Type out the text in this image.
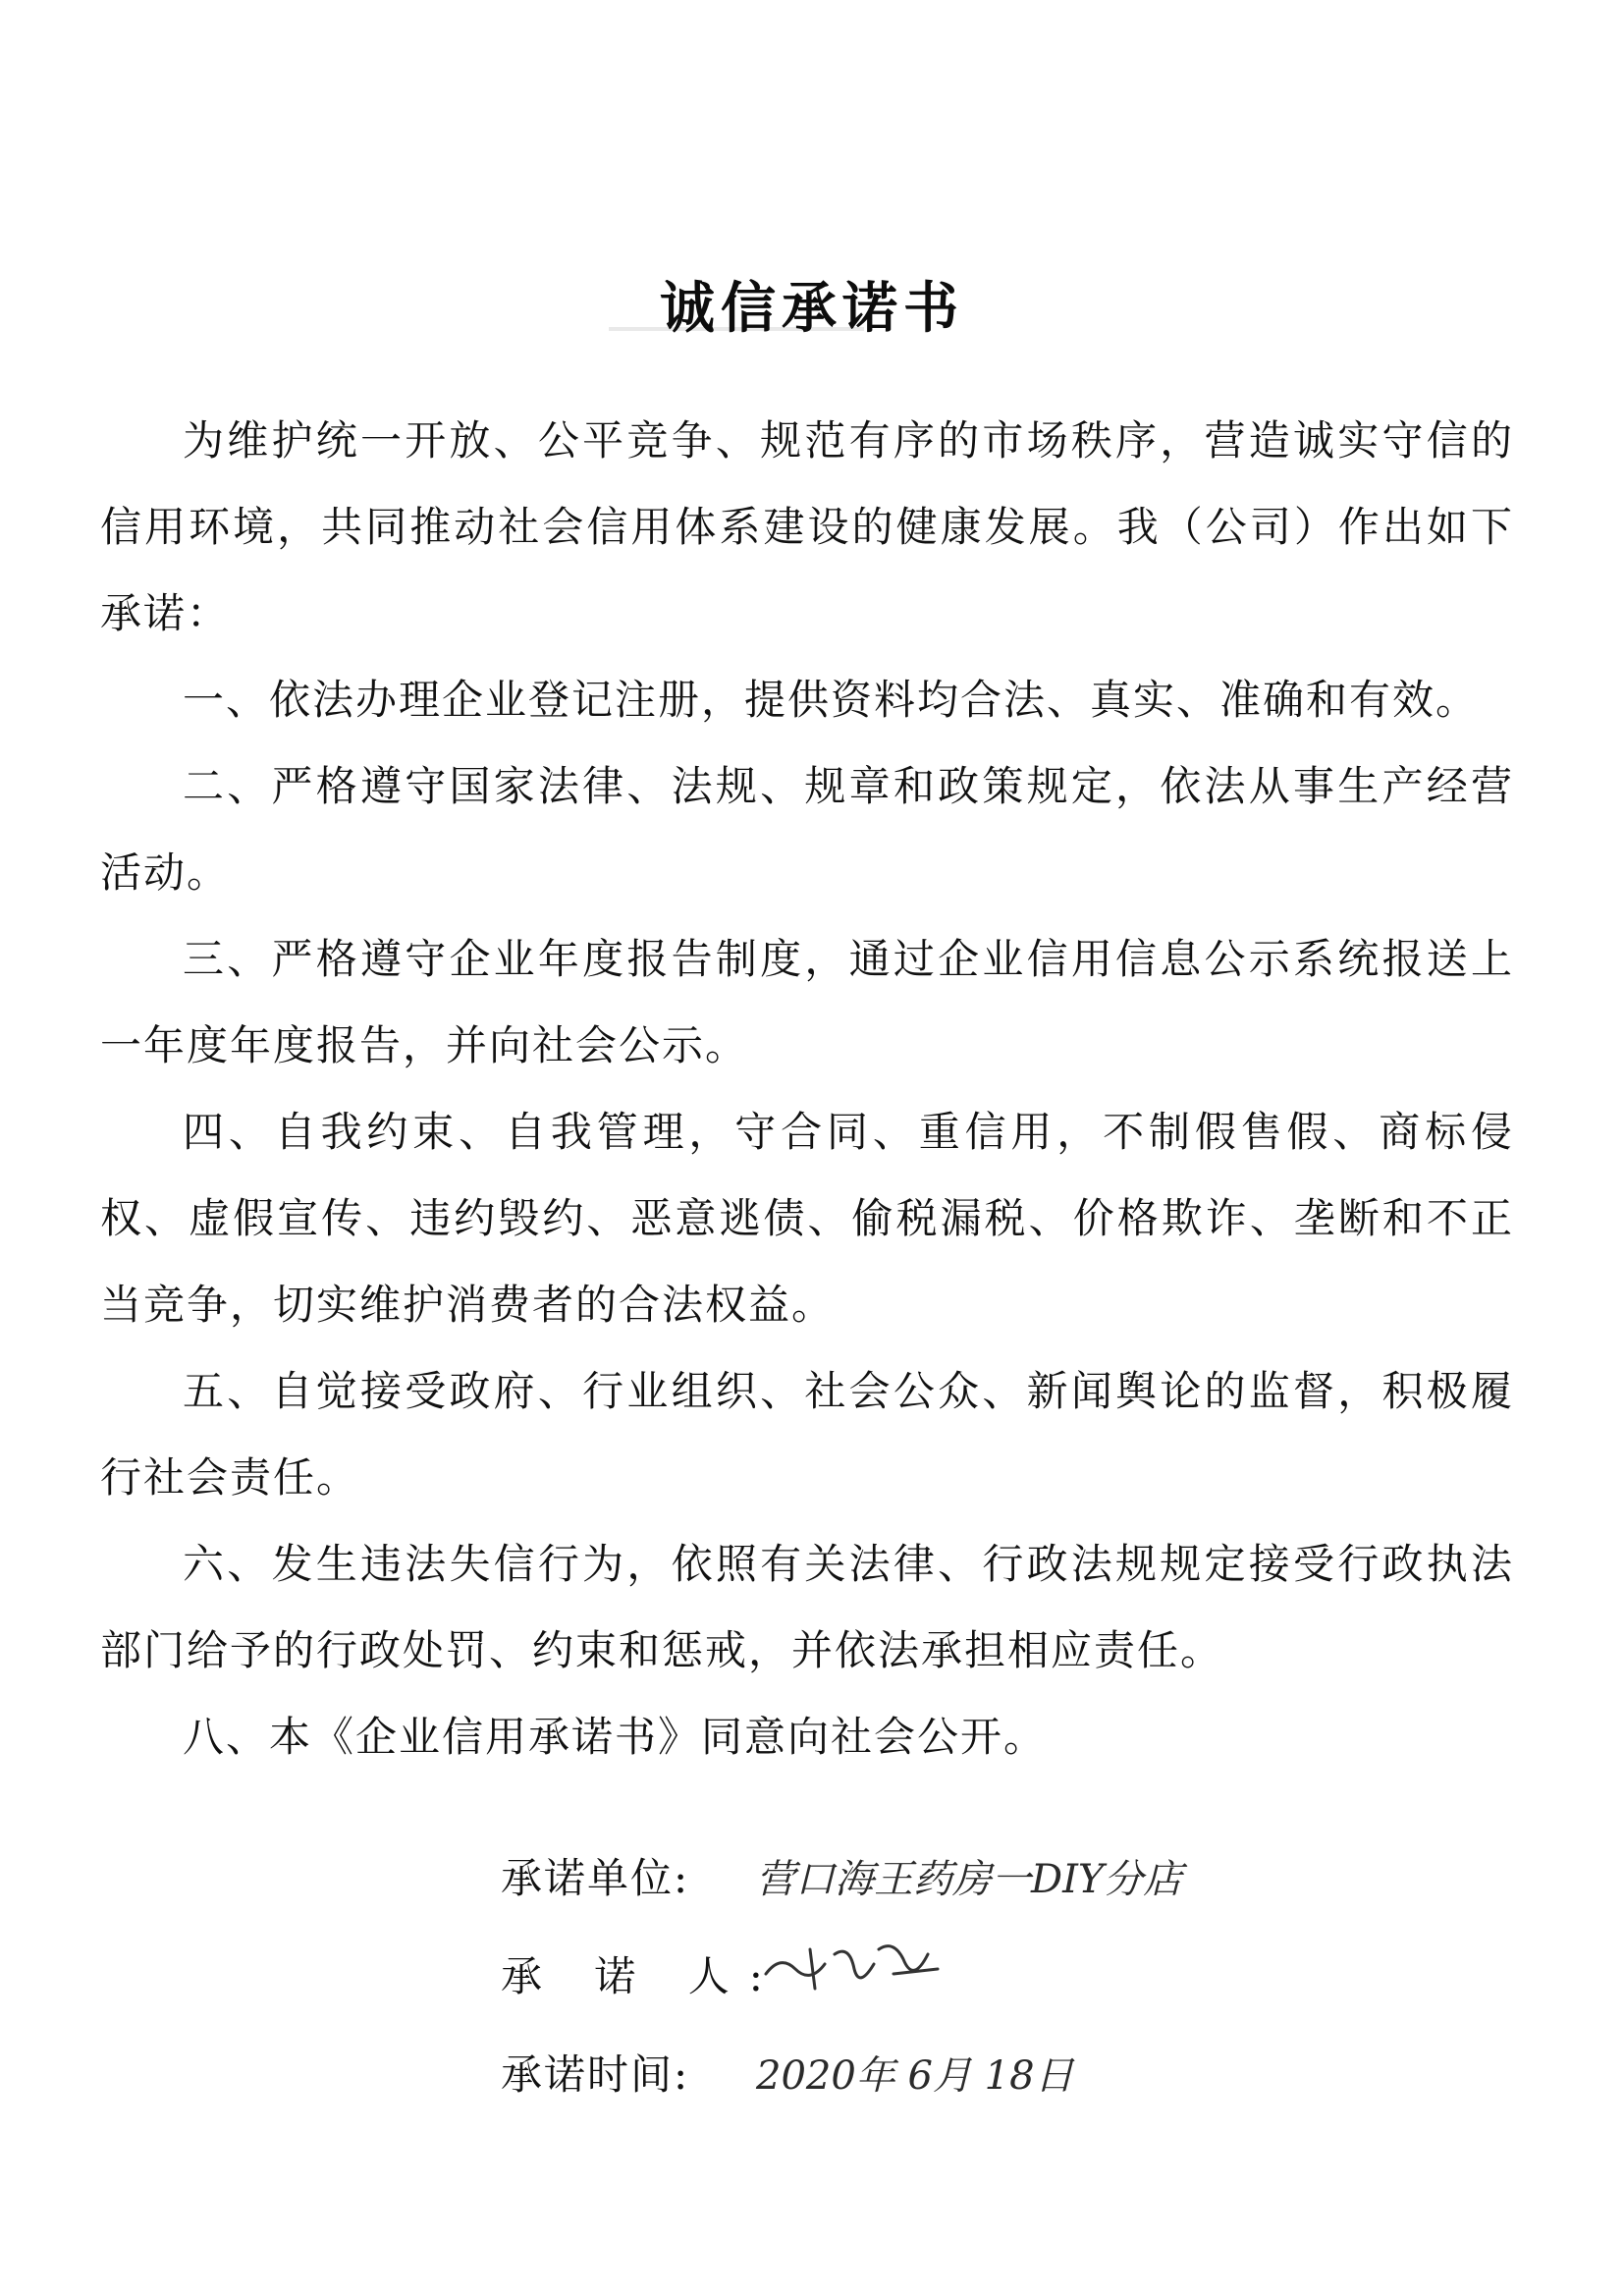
诚信承诺书

为维护统一开放、公平竞争、规范有序的市场秩序，营造诚实守信的信用环境，共同推动社会信用体系建设的健康发展。我（公司）作出如下承诺：

一、依法办理企业登记注册，提供资料均合法、真实、准确和有效。

二、严格遵守国家法律、法规、规章和政策规定，依法从事生产经营活动。

三、严格遵守企业年度报告制度，通过企业信用信息公示系统报送上一年度年度报告，并向社会公示。

四、自我约束、自我管理，守合同、重信用，不制假售假、商标侵权、虚假宣传、违约毁约、恶意逃债、偷税漏税、价格欺诈、垄断和不正当竞争，切实维护消费者的合法权益。

五、自觉接受政府、行业组织、社会公众、新闻舆论的监督，积极履行社会责任。

六、发生违法失信行为，依照有关法律、行政法规规定接受行政执法部门给予的行政处罚、约束和惩戒，并依法承担相应责任。

八、本《企业信用承诺书》同意向社会公开。

承诺单位:	营口海王药房一DIY分店
承 诺 人:
承诺时间:	2020年 6月 18日
